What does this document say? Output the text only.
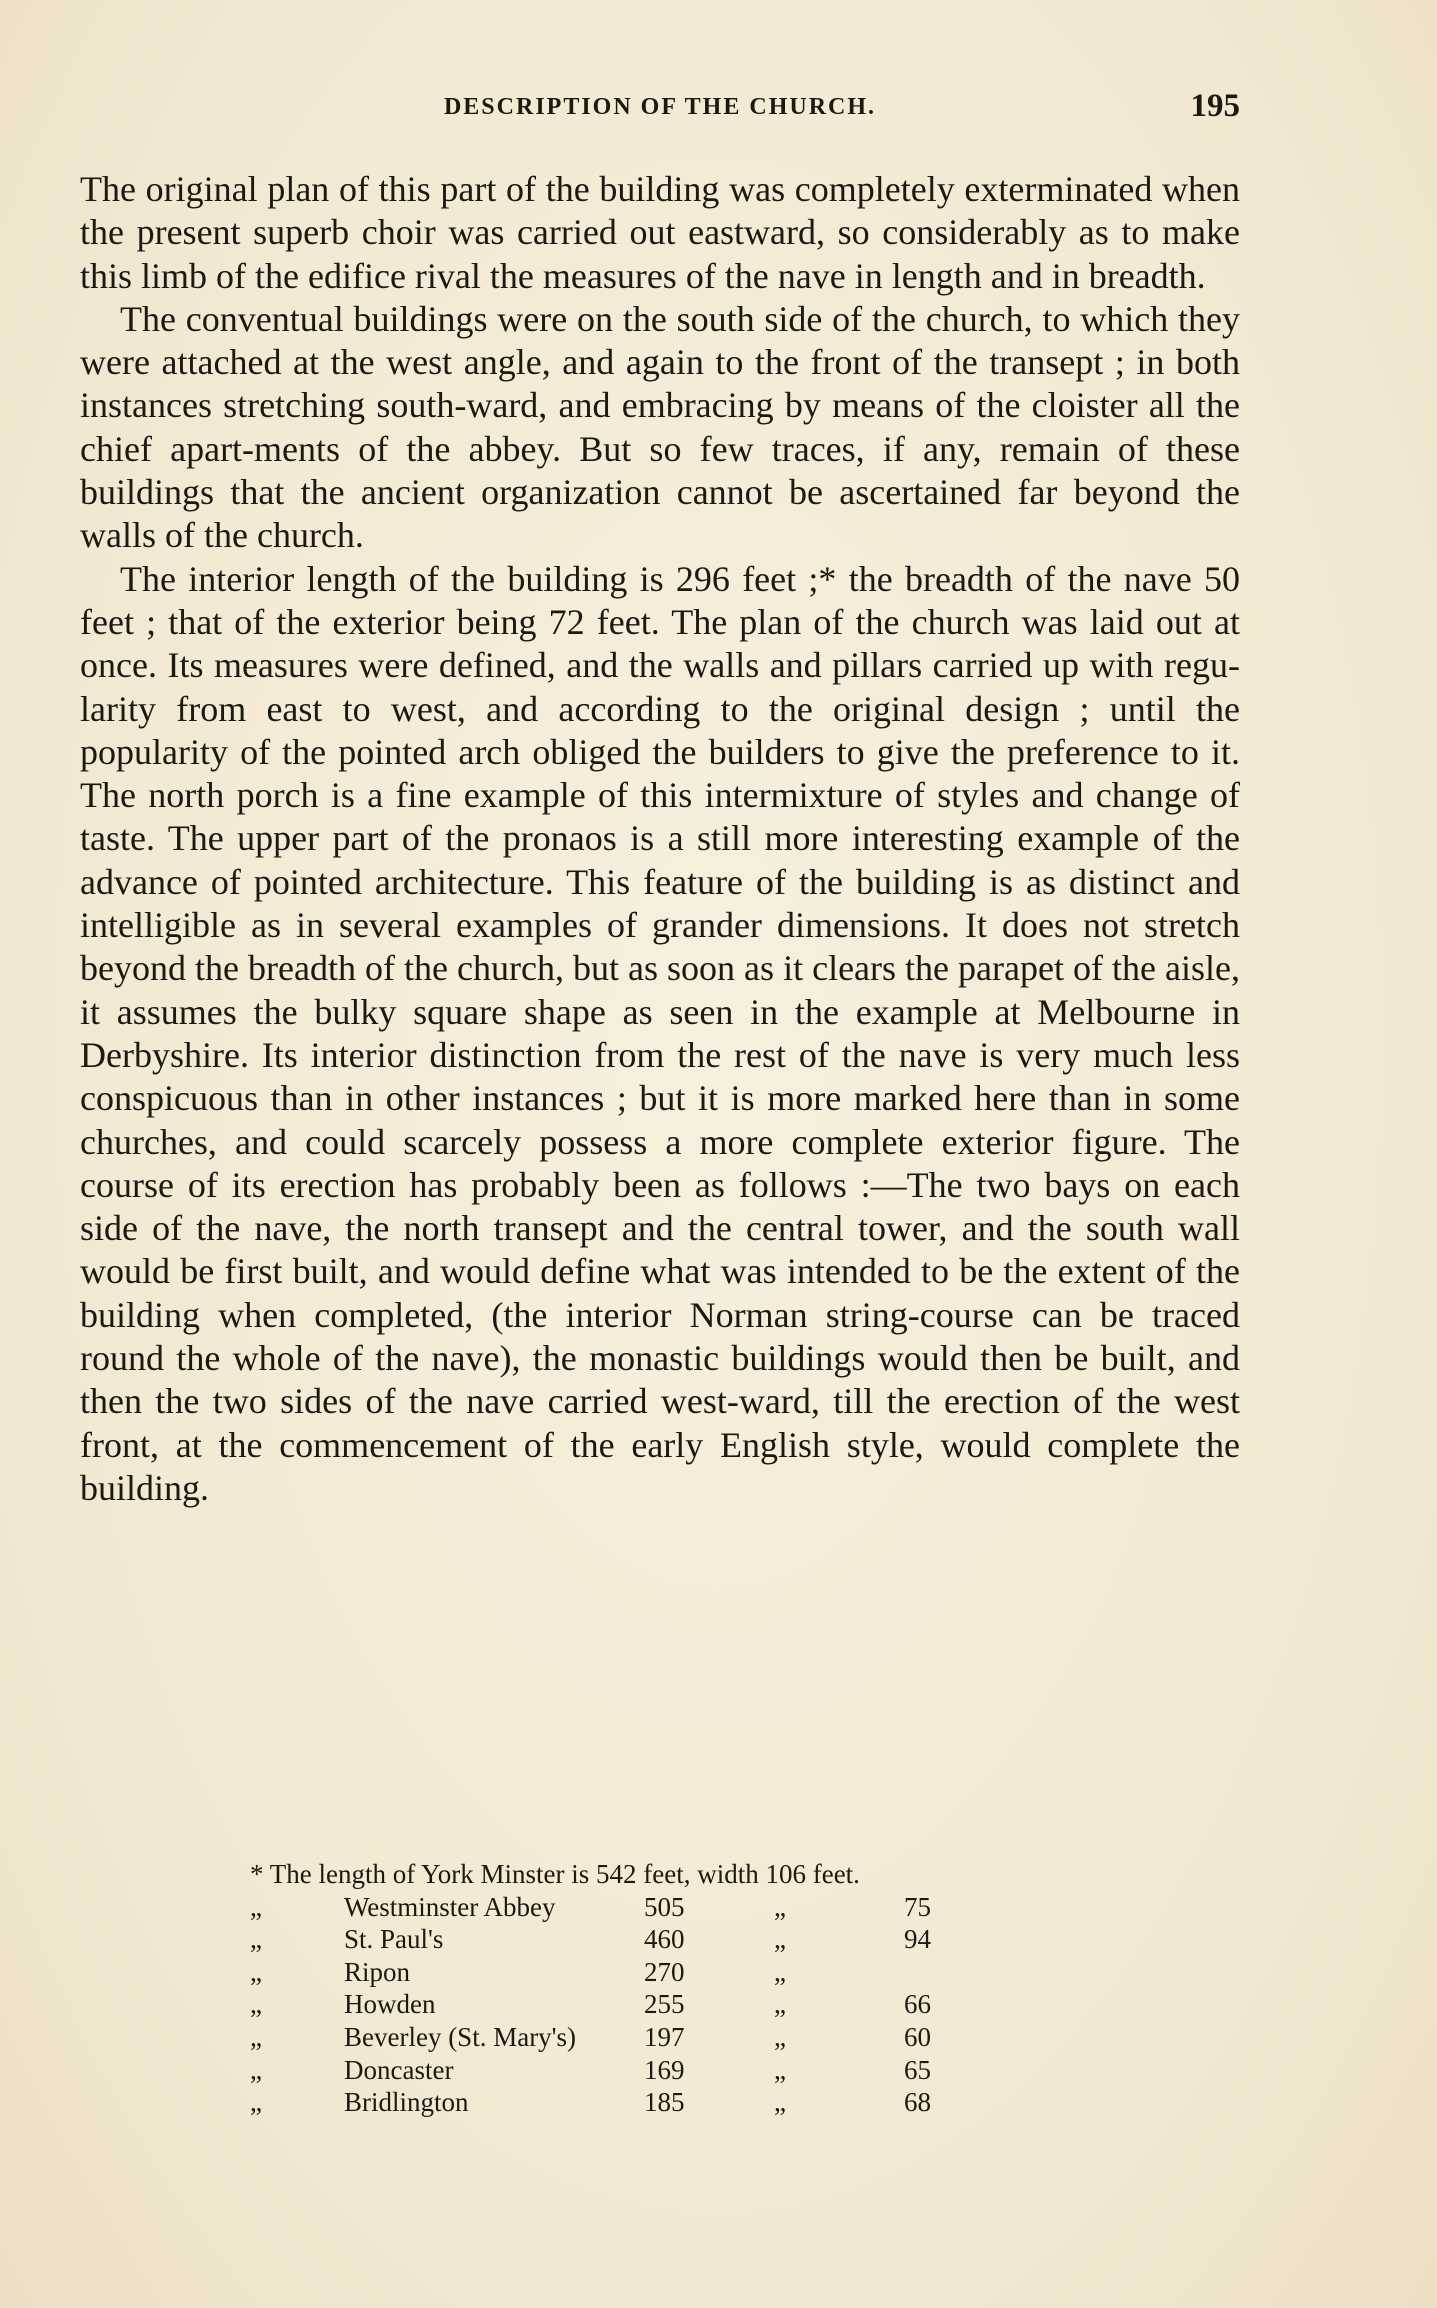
DESCRIPTION OF THE CHURCH.	195

The original plan of this part of the building was completely exterminated when the present superb choir was carried out eastward, so considerably as to make this limb of the edifice rival the measures of the nave in length and in breadth.

The conventual buildings were on the south side of the church, to which they were attached at the west angle, and again to the front of the transept ; in both instances stretching south-ward, and embracing by means of the cloister all the chief apart-ments of the abbey. But so few traces, if any, remain of these buildings that the ancient organization cannot be ascertained far beyond the walls of the church.

The interior length of the building is 296 feet ;* the breadth of the nave 50 feet ; that of the exterior being 72 feet. The plan of the church was laid out at once. Its measures were defined, and the walls and pillars carried up with regu-larity from east to west, and according to the original design ; until the popularity of the pointed arch obliged the builders to give the preference to it. The north porch is a fine example of this intermixture of styles and change of taste. The upper part of the pronaos is a still more interesting example of the advance of pointed architecture. This feature of the building is as distinct and intelligible as in several examples of grander dimensions. It does not stretch beyond the breadth of the church, but as soon as it clears the parapet of the aisle, it assumes the bulky square shape as seen in the example at Melbourne in Derbyshire. Its interior distinction from the rest of the nave is very much less conspicuous than in other instances ; but it is more marked here than in some churches, and could scarcely possess a more complete exterior figure. The course of its erection has probably been as follows :—The two bays on each side of the nave, the north transept and the central tower, and the south wall would be first built, and would define what was intended to be the extent of the building when completed, (the interior Norman string-course can be traced round the whole of the nave), the monastic buildings would then be built, and then the two sides of the nave carried west-ward, till the erection of the west front, at the commencement of the early English style, would complete the building.

* The length of York Minster is 542 feet, width 106 feet.
„	Westminster Abbey	505	„	75
„	St. Paul's	460	„	94
„	Ripon	270	„	
„	Howden	255	„	66
„	Beverley (St. Mary's)	197	„	60
„	Doncaster	169	„	65
„	Bridlington	185	„	68
